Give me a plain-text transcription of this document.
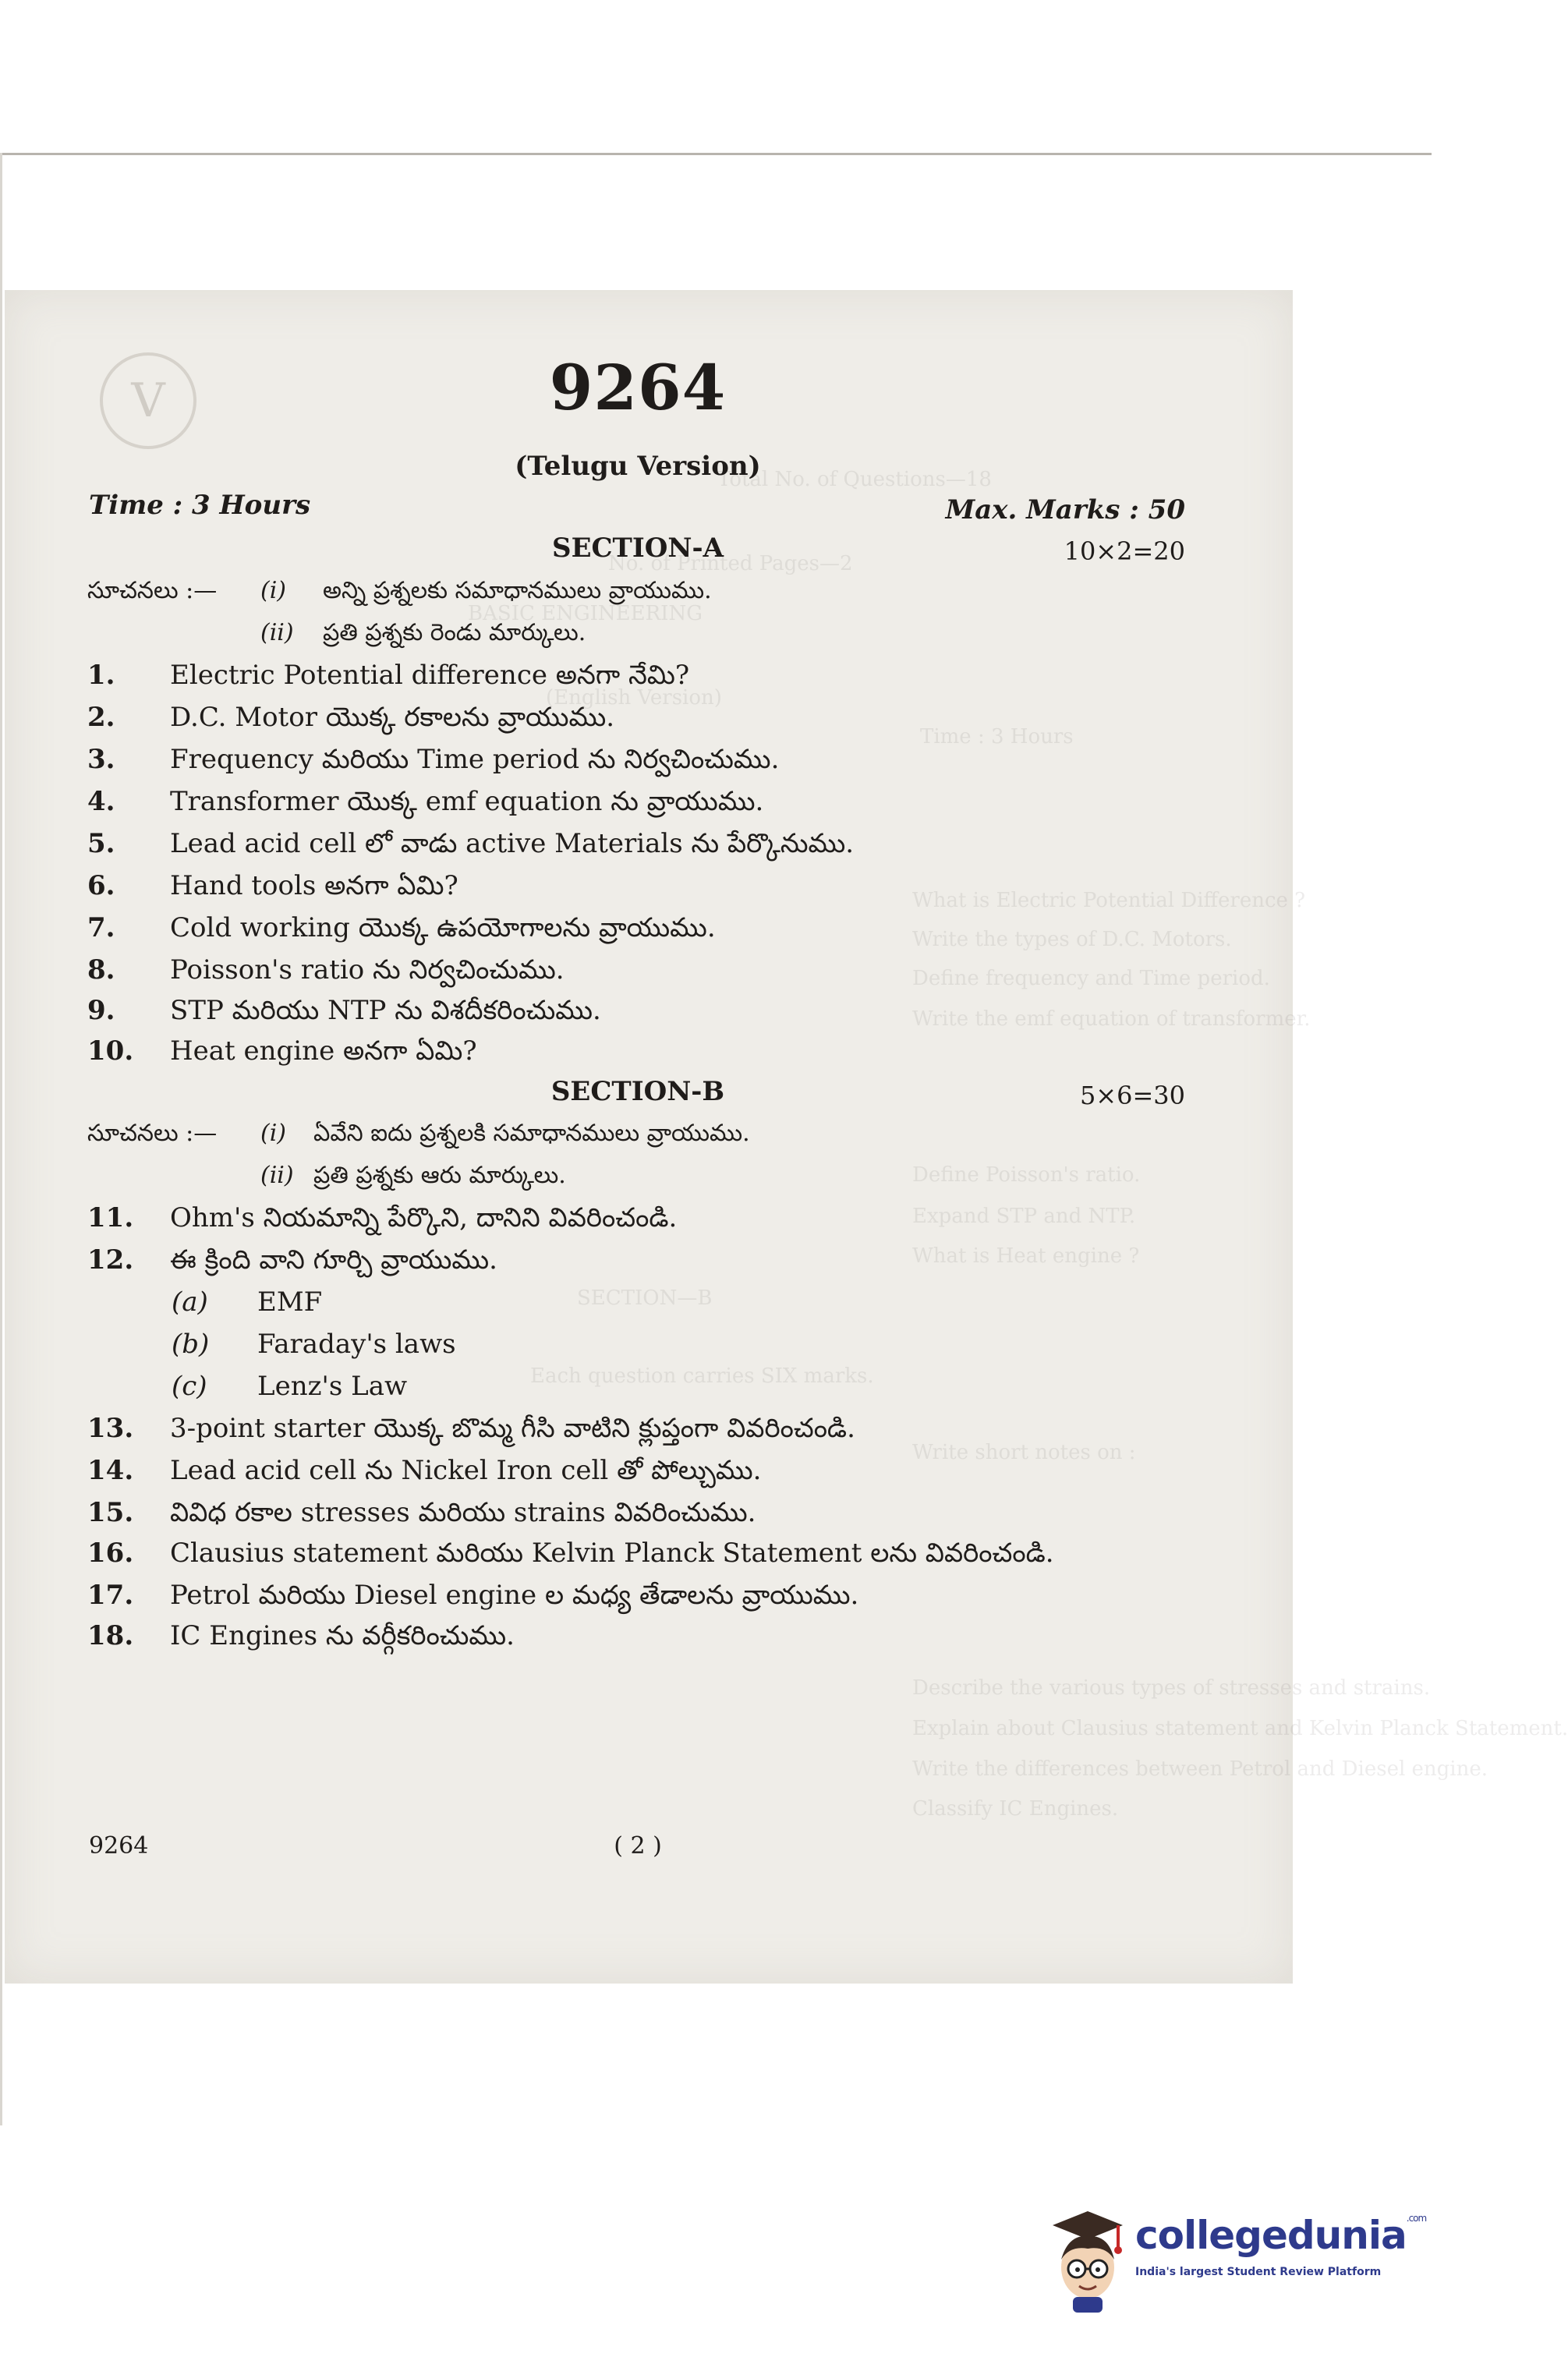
Total No. of Questions—18
No. of Printed Pages—2
BASIC ENGINEERING
(English Version)
Time : 3 Hours
What is Electric Potential Difference ?
Write the types of D.C. Motors.
Define frequency and Time period.
Write the emf equation of transformer.
Define Poisson's ratio.
Expand STP and NTP.
What is Heat engine ?
SECTION—B
Each question carries SIX marks.
Write short notes on :
Describe the various types of stresses and strains.
Explain about Clausius statement and Kelvin Planck Statement.
Write the differences between Petrol and Diesel engine.
Classify IC Engines.
V	9264
(Telugu Version)
Time : 3 Hours	Max. Marks : 50
SECTION-A	10×2=20
సూచనలు :— (i) అన్ని ప్రశ్నలకు సమాధానములు వ్రాయుము.
(ii) ప్రతి ప్రశ్నకు రెండు మార్కులు.
1. Electric Potential difference అనగా నేమి?
2. D.C. Motor యొక్క రకాలను వ్రాయుము.
3. Frequency మరియు Time period ను నిర్వచించుము.
4. Transformer యొక్క emf equation ను వ్రాయుము.
5. Lead acid cell లో వాడు active Materials ను పేర్కొనుము.
6. Hand tools అనగా ఏమి?
7. Cold working యొక్క ఉపయోగాలను వ్రాయుము.
8. Poisson's ratio ను నిర్వచించుము.
9. STP మరియు NTP ను విశదీకరించుము.
10. Heat engine అనగా ఏమి?
SECTION-B	5×6=30
సూచనలు :— (i) ఏవేని ఐదు ప్రశ్నలకి సమాధానములు వ్రాయుము.
(ii) ప్రతి ప్రశ్నకు ఆరు మార్కులు.
11. Ohm's నియమాన్ని పేర్కొని, దానిని వివరించండి.
12. ఈ క్రింది వాని గూర్చి వ్రాయుము.
(a) EMF
(b) Faraday's laws
(c) Lenz's Law
13. 3-point starter యొక్క బొమ్మ గీసి వాటిని క్లుప్తంగా వివరించండి.
14. Lead acid cell ను Nickel Iron cell తో పోల్చుము.
15. వివిధ రకాల stresses మరియు strains వివరించుము.
16. Clausius statement మరియు Kelvin Planck Statement లను వివరించండి.
17. Petrol మరియు Diesel engine ల మధ్య తేడాలను వ్రాయుము.
18. IC Engines ను వర్గీకరించుము.
9264	( 2 )
collegedunia$^{.com}$
India's largest Student Review Platform
